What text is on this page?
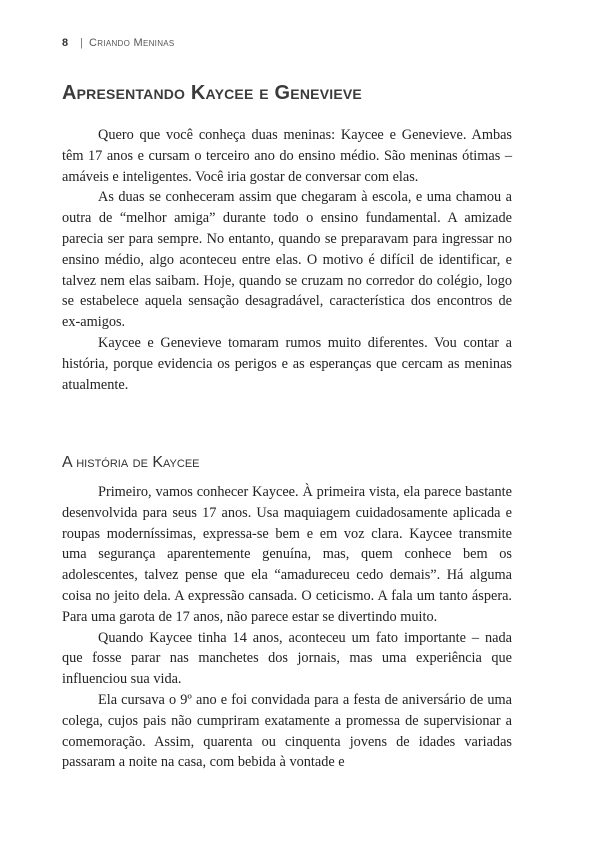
8 | Criando Meninas
Apresentando Kaycee e Genevieve

Quero que você conheça duas meninas: Kaycee e Genevieve. Ambas têm 17 anos e cursam o terceiro ano do ensino médio. São meninas ótimas – amáveis e inteligentes. Você iria gostar de conversar com elas.

As duas se conheceram assim que chegaram à escola, e uma chamou a outra de “melhor amiga” durante todo o ensino fundamental. A amizade parecia ser para sempre. No entanto, quando se preparavam para ingressar no ensino médio, algo aconteceu entre elas. O motivo é difícil de identificar, e talvez nem elas saibam. Hoje, quando se cruzam no corredor do colégio, logo se estabelece aquela sensação desagradável, característica dos encontros de ex-amigos.

Kaycee e Genevieve tomaram rumos muito diferentes. Vou contar a história, porque evidencia os perigos e as esperanças que cercam as meninas atualmente.

A história de Kaycee

Primeiro, vamos conhecer Kaycee. À primeira vista, ela parece bastante desenvolvida para seus 17 anos. Usa maquiagem cuidadosamente aplicada e roupas moderníssimas, expressa-se bem e em voz clara. Kaycee transmite uma segurança aparentemente genuína, mas, quem conhece bem os adolescentes, talvez pense que ela “amadureceu cedo demais”. Há alguma coisa no jeito dela. A expressão cansada. O ceticismo. A fala um tanto áspera. Para uma garota de 17 anos, não parece estar se divertindo muito.

Quando Kaycee tinha 14 anos, aconteceu um fato importante – nada que fosse parar nas manchetes dos jornais, mas uma experiência que influenciou sua vida.

Ela cursava o 9º ano e foi convidada para a festa de aniversário de uma colega, cujos pais não cumpriram exatamente a promessa de supervisionar a comemoração. Assim, quarenta ou cinquenta jovens de idades variadas passaram a noite na casa, com bebida à vontade e
